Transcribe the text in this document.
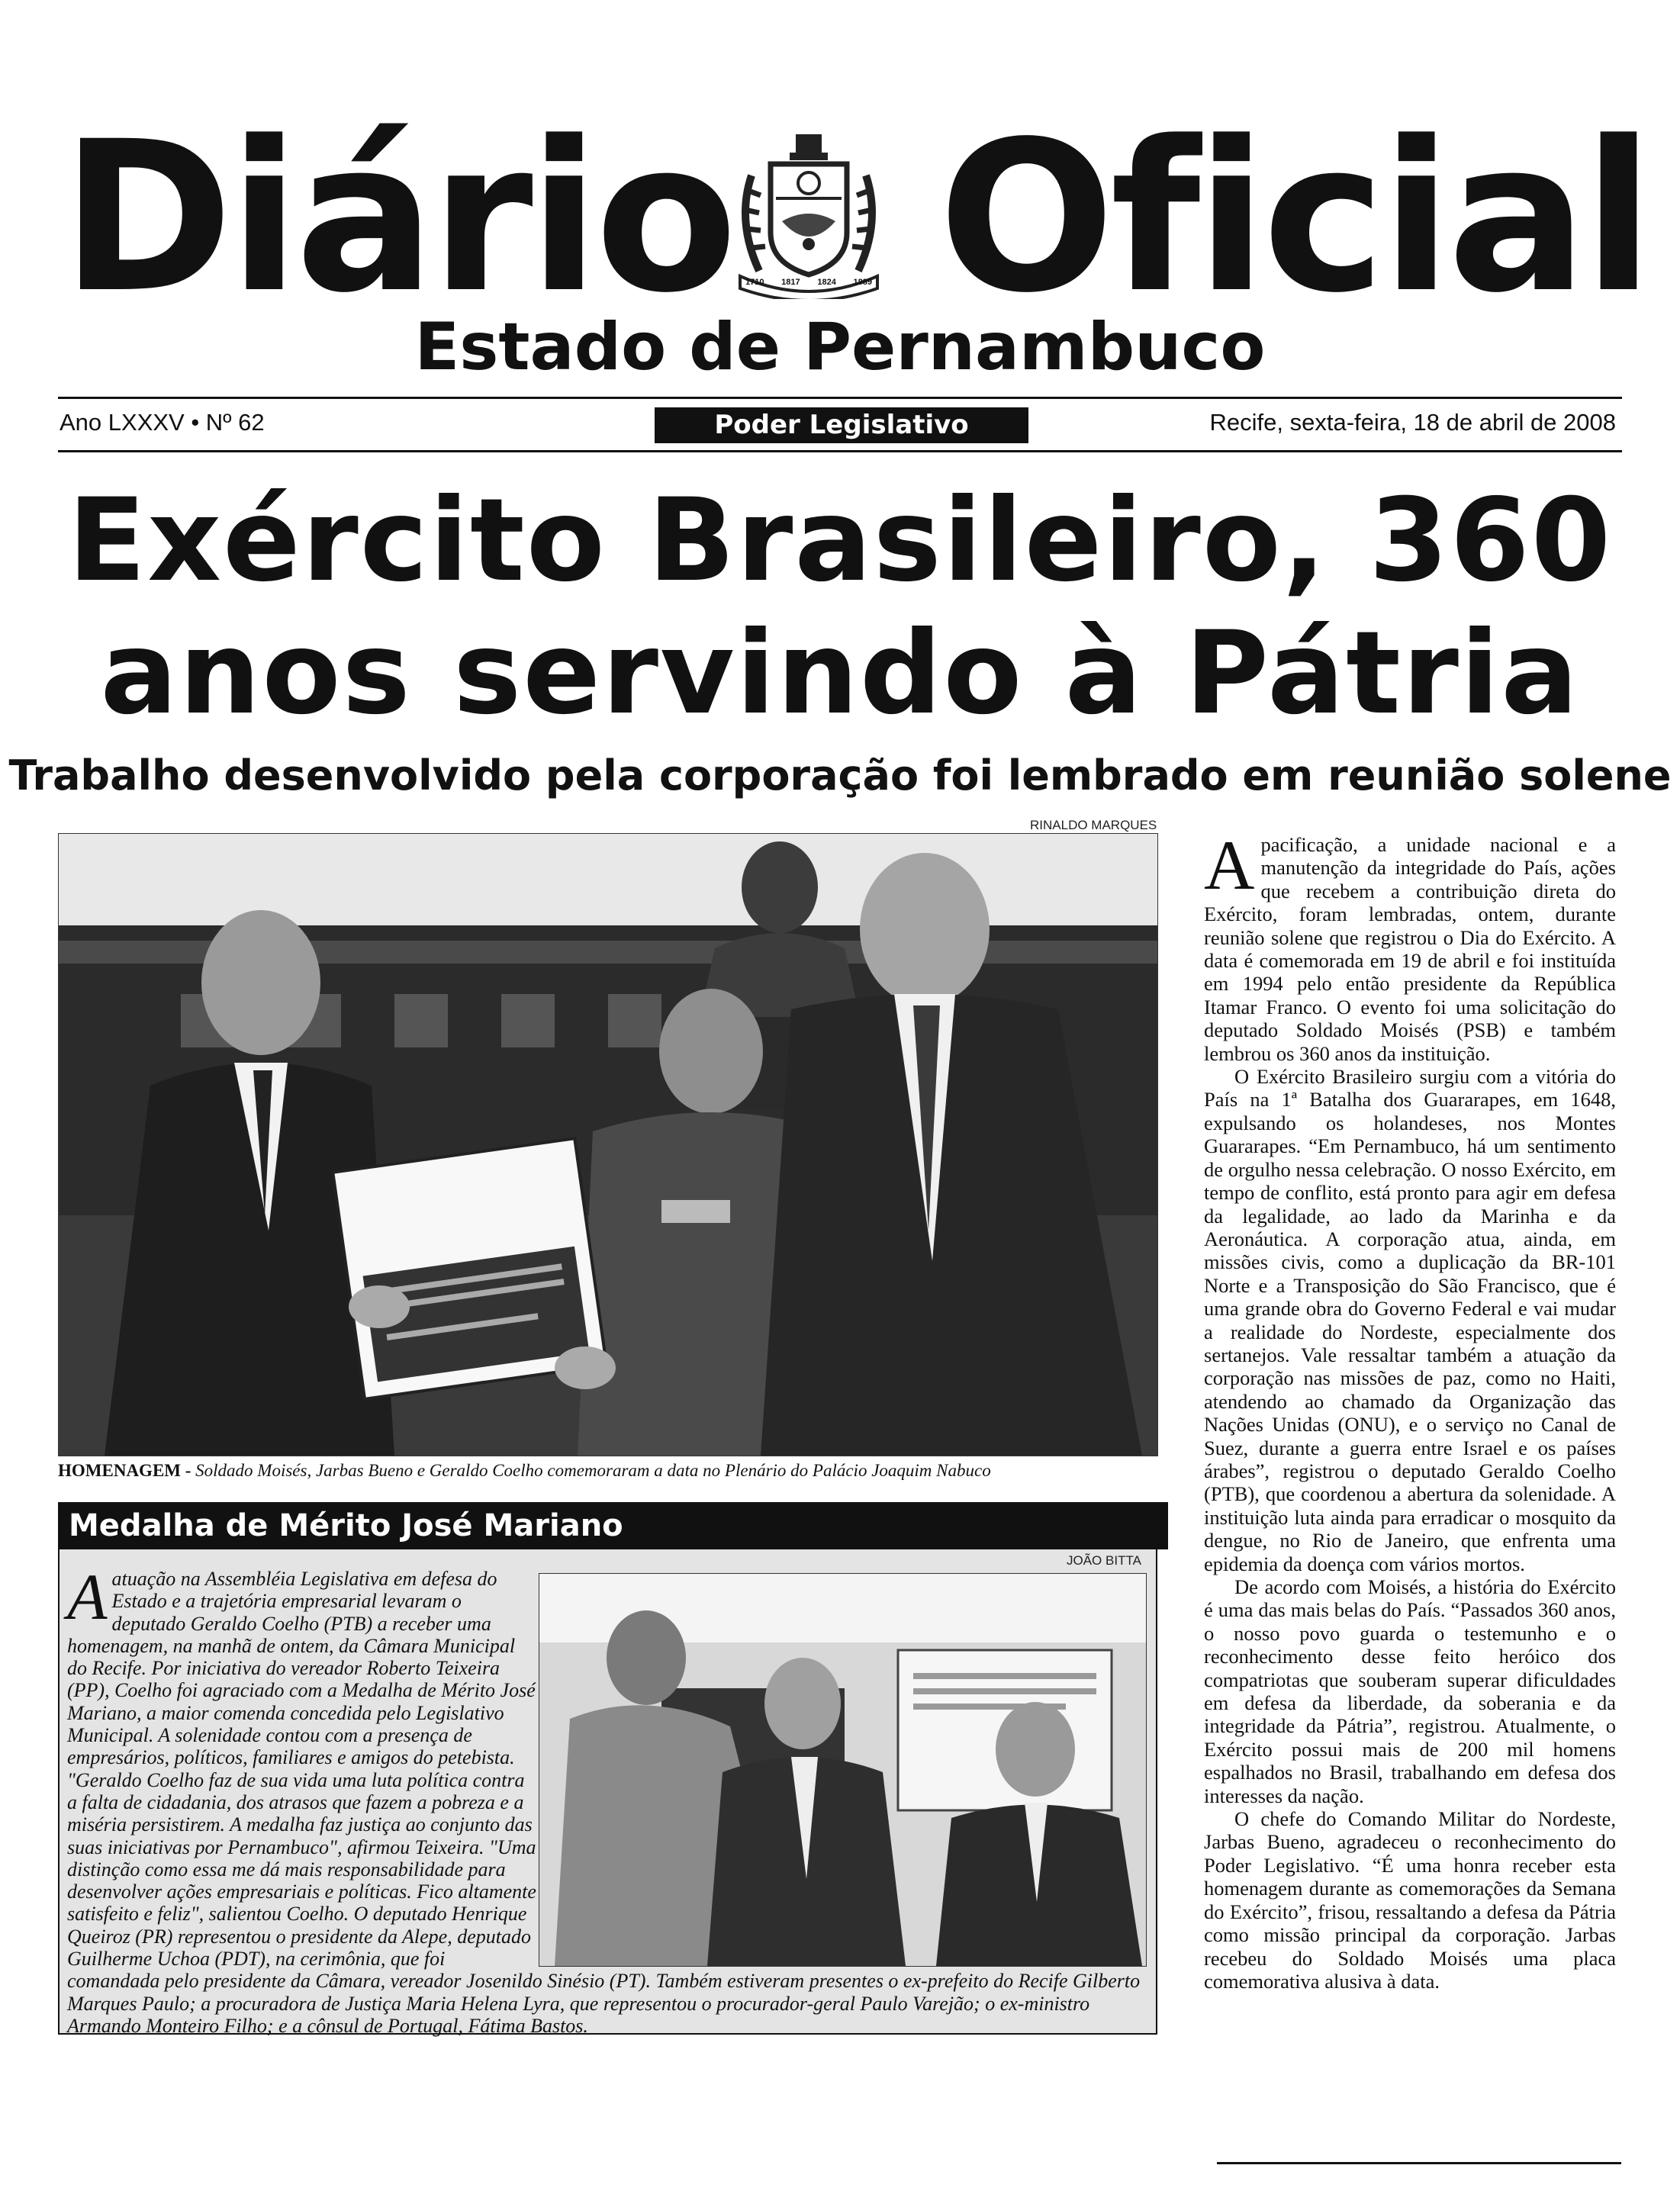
Diário 1710 1817 1824 1889 Oficial
Estado de Pernambuco
Ano LXXXV • Nº 62	Poder Legislativo	Recife, sexta-feira, 18 de abril de 2008
Exército Brasileiro, 360
anos servindo à Pátria
Trabalho desenvolvido pela corporação foi lembrado em reunião solene
RINALDO MARQUES
HOMENAGEM - Soldado Moisés, Jarbas Bueno e Geraldo Coelho comemoraram a data no Plenário do Palácio Joaquim Nabuco

A pacificação, a unidade nacional e a manutenção da integridade do País, ações que recebem a contribuição direta do Exército, foram lembradas, ontem, durante reunião solene que registrou o Dia do Exército. A data é comemorada em 19 de abril e foi instituída em 1994 pelo então presidente da República Itamar Franco. O evento foi uma solicitação do deputado Soldado Moisés (PSB) e também lembrou os 360 anos da instituição.

O Exército Brasileiro surgiu com a vitória do País na 1ª Batalha dos Guararapes, em 1648, expulsando os holandeses, nos Montes Guararapes. “Em Pernambuco, há um sentimento de orgulho nessa celebração. O nosso Exército, em tempo de conflito, está pronto para agir em defesa da legalidade, ao lado da Marinha e da Aeronáutica. A corporação atua, ainda, em missões civis, como a duplicação da BR-101 Norte e a Transposição do São Francisco, que é uma grande obra do Governo Federal e vai mudar a realidade do Nordeste, especialmente dos sertanejos. Vale ressaltar também a atuação da corporação nas missões de paz, como no Haiti, atendendo ao chamado da Organização das Nações Unidas (ONU), e o serviço no Canal de Suez, durante a guerra entre Israel e os países árabes”, registrou o deputado Geraldo Coelho (PTB), que coordenou a abertura da solenidade. A instituição luta ainda para erradicar o mosquito da dengue, no Rio de Janeiro, que enfrenta uma epidemia da doença com vários mortos.

De acordo com Moisés, a história do Exército é uma das mais belas do País. “Passados 360 anos, o nosso povo guarda o testemunho e o reconhecimento desse feito heróico dos compatriotas que souberam superar dificuldades em defesa da liberdade, da soberania e da integridade da Pátria”, registrou. Atualmente, o Exército possui mais de 200 mil homens espalhados no Brasil, trabalhando em defesa dos interesses da nação.

O chefe do Comando Militar do Nordeste, Jarbas Bueno, agradeceu o reconhecimento do Poder Legislativo. “É uma honra receber esta homenagem durante as comemorações da Semana do Exército”, frisou, ressaltando a defesa da Pátria como missão principal da corporação. Jarbas recebeu do Soldado Moisés uma placa comemorativa alusiva à data.

Medalha de Mérito José Mariano
JOÃO BITTA
A atuação na Assembléia Legislativa em defesa do Estado e a trajetória empresarial levaram o deputado Geraldo Coelho (PTB) a receber uma homenagem, na manhã de ontem, da Câmara Municipal do Recife. Por iniciativa do vereador Roberto Teixeira (PP), Coelho foi agraciado com a Medalha de Mérito José Mariano, a maior comenda concedida pelo Legislativo Municipal. A solenidade contou com a presença de empresários, políticos, familiares e amigos do petebista. "Geraldo Coelho faz de sua vida uma luta política contra a falta de cidadania, dos atrasos que fazem a pobreza e a miséria persistirem. A medalha faz justiça ao conjunto das suas iniciativas por Pernambuco", afirmou Teixeira. "Uma distinção como essa me dá mais responsabilidade para desenvolver ações empresariais e políticas. Fico altamente satisfeito e feliz", salientou Coelho. O deputado Henrique Queiroz (PR) representou o presidente da Alepe, deputado Guilherme Uchoa (PDT), na cerimônia, que foi comandada pelo presidente da Câmara, vereador Josenildo Sinésio (PT). Também estiveram presentes o ex-prefeito do Recife Gilberto Marques Paulo; a procuradora de Justiça Maria Helena Lyra, que representou o procurador-geral Paulo Varejão; o ex-ministro Armando Monteiro Filho; e a cônsul de Portugal, Fátima Bastos.
